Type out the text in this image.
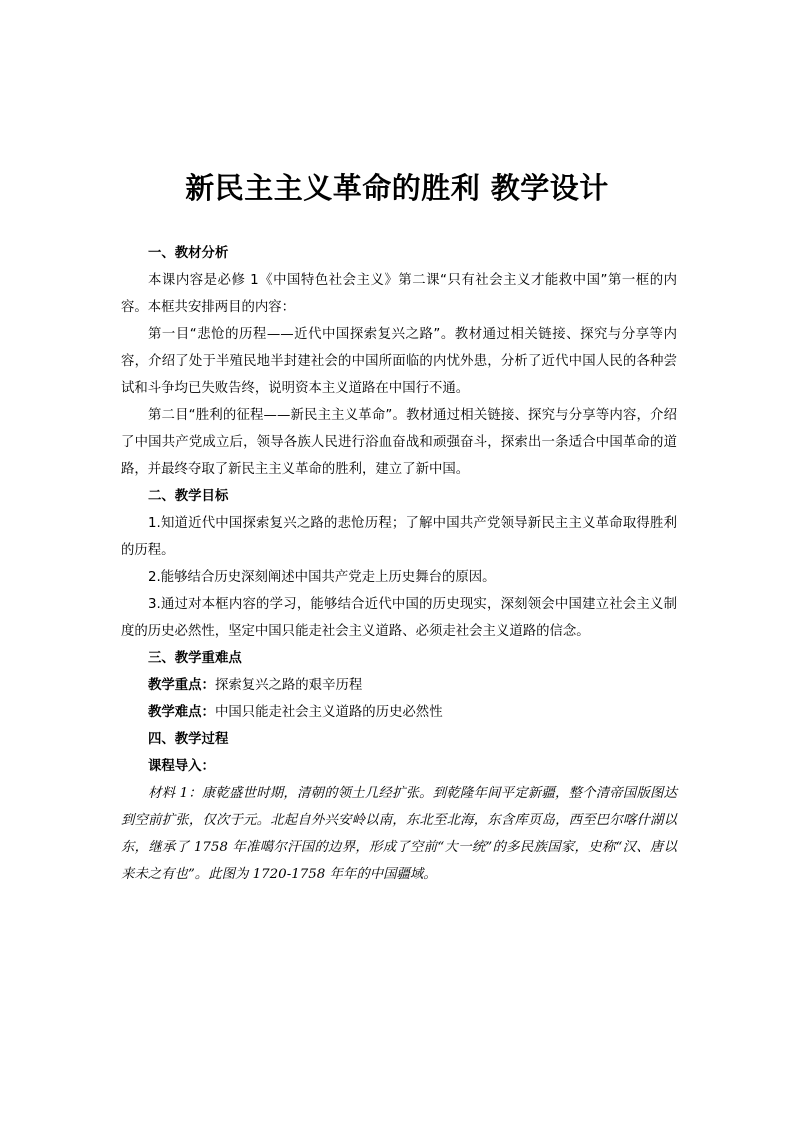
新民主主义革命的胜利 教学设计
一、教材分析
本课内容是必修 1《中国特色社会主义》第二课“只有社会主义才能救中国”第一框的内容。本框共安排两目的内容：
第一目“悲怆的历程——近代中国探索复兴之路”。教材通过相关链接、探究与分享等内容，介绍了处于半殖民地半封建社会的中国所面临的内忧外患，分析了近代中国人民的各种尝试和斗争均已失败告终，说明资本主义道路在中国行不通。
第二目“胜利的征程——新民主主义革命”。教材通过相关链接、探究与分享等内容，介绍了中国共产党成立后，领导各族人民进行浴血奋战和顽强奋斗，探索出一条适合中国革命的道路，并最终夺取了新民主主义革命的胜利，建立了新中国。
二、教学目标
1.知道近代中国探索复兴之路的悲怆历程；了解中国共产党领导新民主主义革命取得胜利的历程。
2.能够结合历史深刻阐述中国共产党走上历史舞台的原因。
3.通过对本框内容的学习，能够结合近代中国的历史现实，深刻领会中国建立社会主义制度的历史必然性，坚定中国只能走社会主义道路、必须走社会主义道路的信念。
三、教学重难点
教学重点：探索复兴之路的艰辛历程
教学难点：中国只能走社会主义道路的历史必然性
四、教学过程
课程导入：
材料 1：康乾盛世时期，清朝的领土几经扩张。到乾隆年间平定新疆，整个清帝国版图达到空前扩张，仅次于元。北起自外兴安岭以南，东北至北海，东含库页岛，西至巴尔喀什湖以东，继承了 1758 年准噶尔汗国的边界，形成了空前“大一统”的多民族国家，史称“汉、唐以来未之有也”。此图为 1720-1758 年年的中国疆域。
